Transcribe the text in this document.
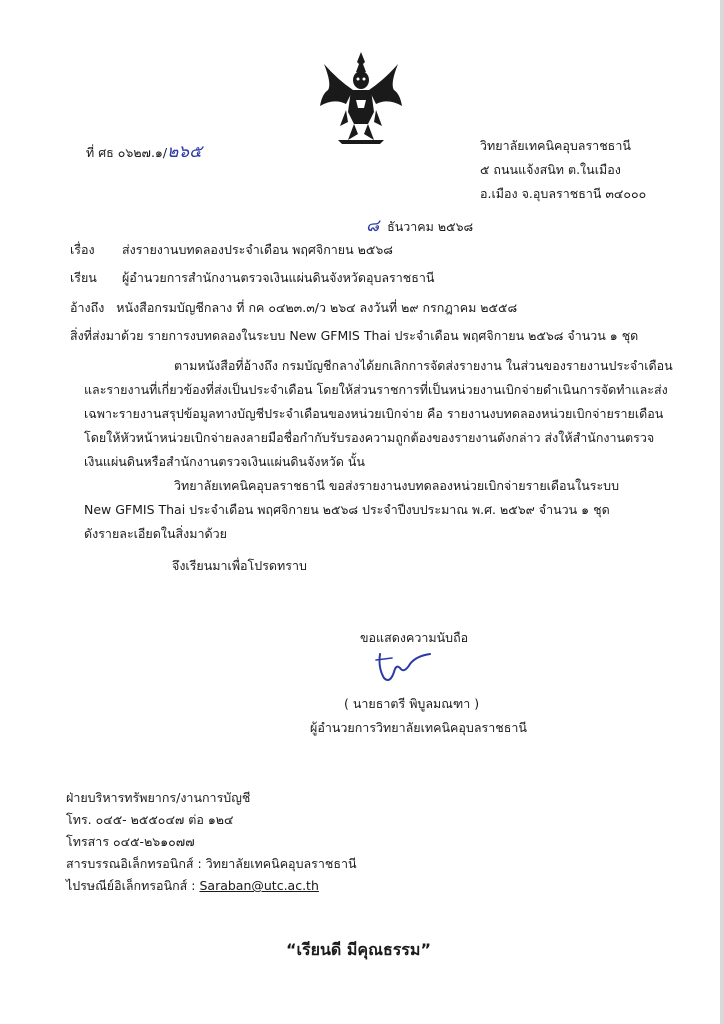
ที่ ศธ ๐๖๒๗.๑/๒๖๕	วิทยาลัยเทคนิคอุบลราชธานี
๕ ถนนแจ้งสนิท ต.ในเมือง
อ.เมือง จ.อุบลราชธานี ๓๔๐๐๐
๘ ธันวาคม ๒๕๖๘
เรื่อง ส่งรายงานบทดลองประจำเดือน พฤศจิกายน ๒๕๖๘
เรียน ผู้อำนวยการสำนักงานตรวจเงินแผ่นดินจังหวัดอุบลราชธานี
อ้างถึง หนังสือกรมบัญชีกลาง ที่ กค ๐๔๒๓.๓/ว ๒๖๔ ลงวันที่ ๒๙ กรกฎาคม ๒๕๕๘
สิ่งที่ส่งมาด้วย รายการงบทดลองในระบบ New GFMIS Thai ประจำเดือน พฤศจิกายน ๒๕๖๘ จำนวน ๑ ชุด
ตามหนังสือที่อ้างถึง กรมบัญชีกลางได้ยกเลิกการจัดส่งรายงาน ในส่วนของรายงานประจำเดือน
และรายงานที่เกี่ยวข้องที่ส่งเป็นประจำเดือน โดยให้ส่วนราชการที่เป็นหน่วยงานเบิกจ่ายดำเนินการจัดทำและส่ง
เฉพาะรายงานสรุปข้อมูลทางบัญชีประจำเดือนของหน่วยเบิกจ่าย คือ รายงานงบทดลองหน่วยเบิกจ่ายรายเดือน
โดยให้หัวหน้าหน่วยเบิกจ่ายลงลายมือชื่อกำกับรับรองความถูกต้องของรายงานดังกล่าว ส่งให้สำนักงานตรวจ
เงินแผ่นดินหรือสำนักงานตรวจเงินแผ่นดินจังหวัด นั้น
วิทยาลัยเทคนิคอุบลราชธานี ขอส่งรายงานงบทดลองหน่วยเบิกจ่ายรายเดือนในระบบ
New GFMIS Thai ประจำเดือน พฤศจิกายน ๒๕๖๘ ประจำปีงบประมาณ พ.ศ. ๒๕๖๙ จำนวน ๑ ชุด
ดังรายละเอียดในสิ่งมาด้วย
จึงเรียนมาเพื่อโปรดทราบ
ขอแสดงความนับถือ
( นายธาตรี พิบูลมณฑา )
ผู้อำนวยการวิทยาลัยเทคนิคอุบลราชธานี
ฝ่ายบริหารทรัพยากร/งานการบัญชี
โทร. ๐๔๕- ๒๕๕๐๔๗ ต่อ ๑๒๔
โทรสาร ๐๔๕-๒๖๑๐๗๗
สารบรรณอิเล็กทรอนิกส์ : วิทยาลัยเทคนิคอุบลราชธานี
ไปรษณีย์อิเล็กทรอนิกส์ : Saraban@utc.ac.th
“เรียนดี มีคุณธรรม”
